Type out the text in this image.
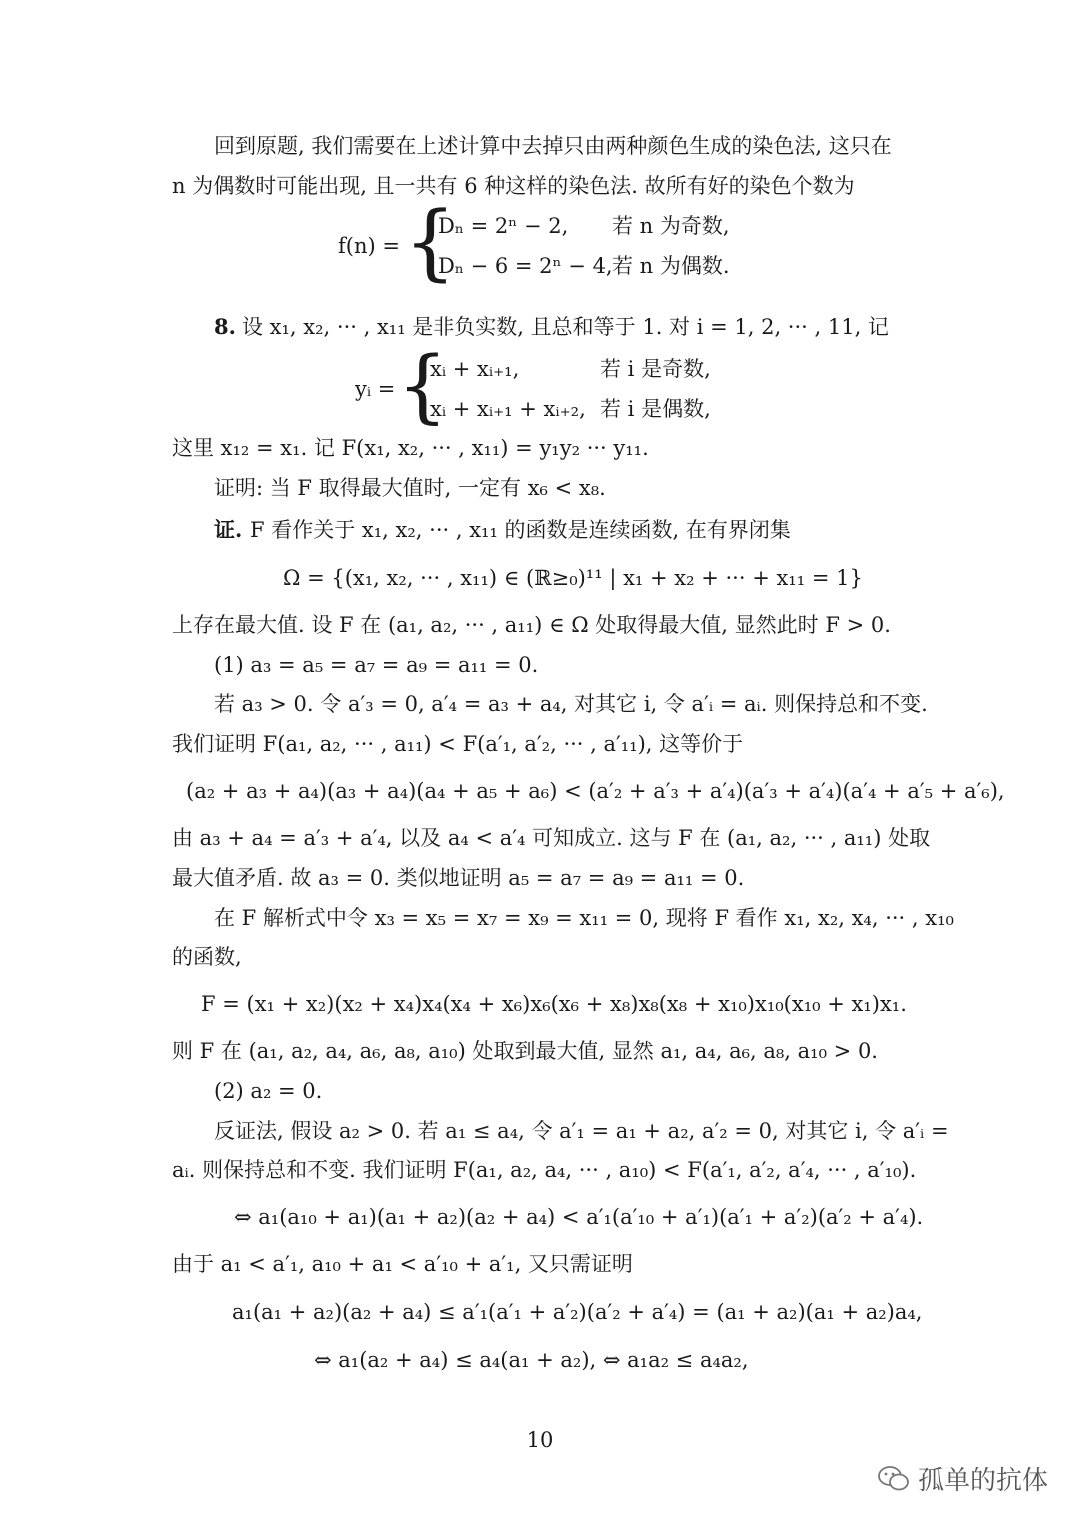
回到原题, 我们需要在上述计算中去掉只由两种颜色生成的染色法, 这只在
n 为偶数时可能出现, 且一共有 6 种这样的染色法. 故所有好的染色个数为
f(n) = {
Dₙ = 2ⁿ − 2, 若 n 为奇数,
Dₙ − 6 = 2ⁿ − 4, 若 n 为偶数.
8. 设 x₁, x₂, ··· , x₁₁ 是非负实数, 且总和等于 1. 对 i = 1, 2, ··· , 11, 记
yᵢ = {
xᵢ + xᵢ₊₁,	若 i 是奇数,
xᵢ + xᵢ₊₁ + xᵢ₊₂, 若 i 是偶数,
这里 x₁₂ = x₁. 记 F(x₁, x₂, ··· , x₁₁) = y₁y₂ ··· y₁₁.
证明: 当 F 取得最大值时, 一定有 x₆ < x₈.
证. F 看作关于 x₁, x₂, ··· , x₁₁ 的函数是连续函数, 在有界闭集
Ω = {(x₁, x₂, ··· , x₁₁) ∈ (ℝ≥₀)¹¹ | x₁ + x₂ + ··· + x₁₁ = 1}
上存在最大值. 设 F 在 (a₁, a₂, ··· , a₁₁) ∈ Ω 处取得最大值, 显然此时 F > 0.
(1) a₃ = a₅ = a₇ = a₉ = a₁₁ = 0.
若 a₃ > 0. 令 a′₃ = 0, a′₄ = a₃ + a₄, 对其它 i, 令 a′ᵢ = aᵢ. 则保持总和不变.
我们证明 F(a₁, a₂, ··· , a₁₁) < F(a′₁, a′₂, ··· , a′₁₁), 这等价于
(a₂ + a₃ + a₄)(a₃ + a₄)(a₄ + a₅ + a₆) < (a′₂ + a′₃ + a′₄)(a′₃ + a′₄)(a′₄ + a′₅ + a′₆),
由 a₃ + a₄ = a′₃ + a′₄, 以及 a₄ < a′₄ 可知成立. 这与 F 在 (a₁, a₂, ··· , a₁₁) 处取
最大值矛盾. 故 a₃ = 0. 类似地证明 a₅ = a₇ = a₉ = a₁₁ = 0.
在 F 解析式中令 x₃ = x₅ = x₇ = x₉ = x₁₁ = 0, 现将 F 看作 x₁, x₂, x₄, ··· , x₁₀
的函数,
F = (x₁ + x₂)(x₂ + x₄)x₄(x₄ + x₆)x₆(x₆ + x₈)x₈(x₈ + x₁₀)x₁₀(x₁₀ + x₁)x₁.
则 F 在 (a₁, a₂, a₄, a₆, a₈, a₁₀) 处取到最大值, 显然 a₁, a₄, a₆, a₈, a₁₀ > 0.
(2) a₂ = 0.
反证法, 假设 a₂ > 0. 若 a₁ ≤ a₄, 令 a′₁ = a₁ + a₂, a′₂ = 0, 对其它 i, 令 a′ᵢ =
aᵢ. 则保持总和不变. 我们证明 F(a₁, a₂, a₄, ··· , a₁₀) < F(a′₁, a′₂, a′₄, ··· , a′₁₀).
⇔ a₁(a₁₀ + a₁)(a₁ + a₂)(a₂ + a₄) < a′₁(a′₁₀ + a′₁)(a′₁ + a′₂)(a′₂ + a′₄).
由于 a₁ < a′₁, a₁₀ + a₁ < a′₁₀ + a′₁, 又只需证明
a₁(a₁ + a₂)(a₂ + a₄) ≤ a′₁(a′₁ + a′₂)(a′₂ + a′₄) = (a₁ + a₂)(a₁ + a₂)a₄,
⇔ a₁(a₂ + a₄) ≤ a₄(a₁ + a₂), ⇔ a₁a₂ ≤ a₄a₂,
10
孤单的抗体
